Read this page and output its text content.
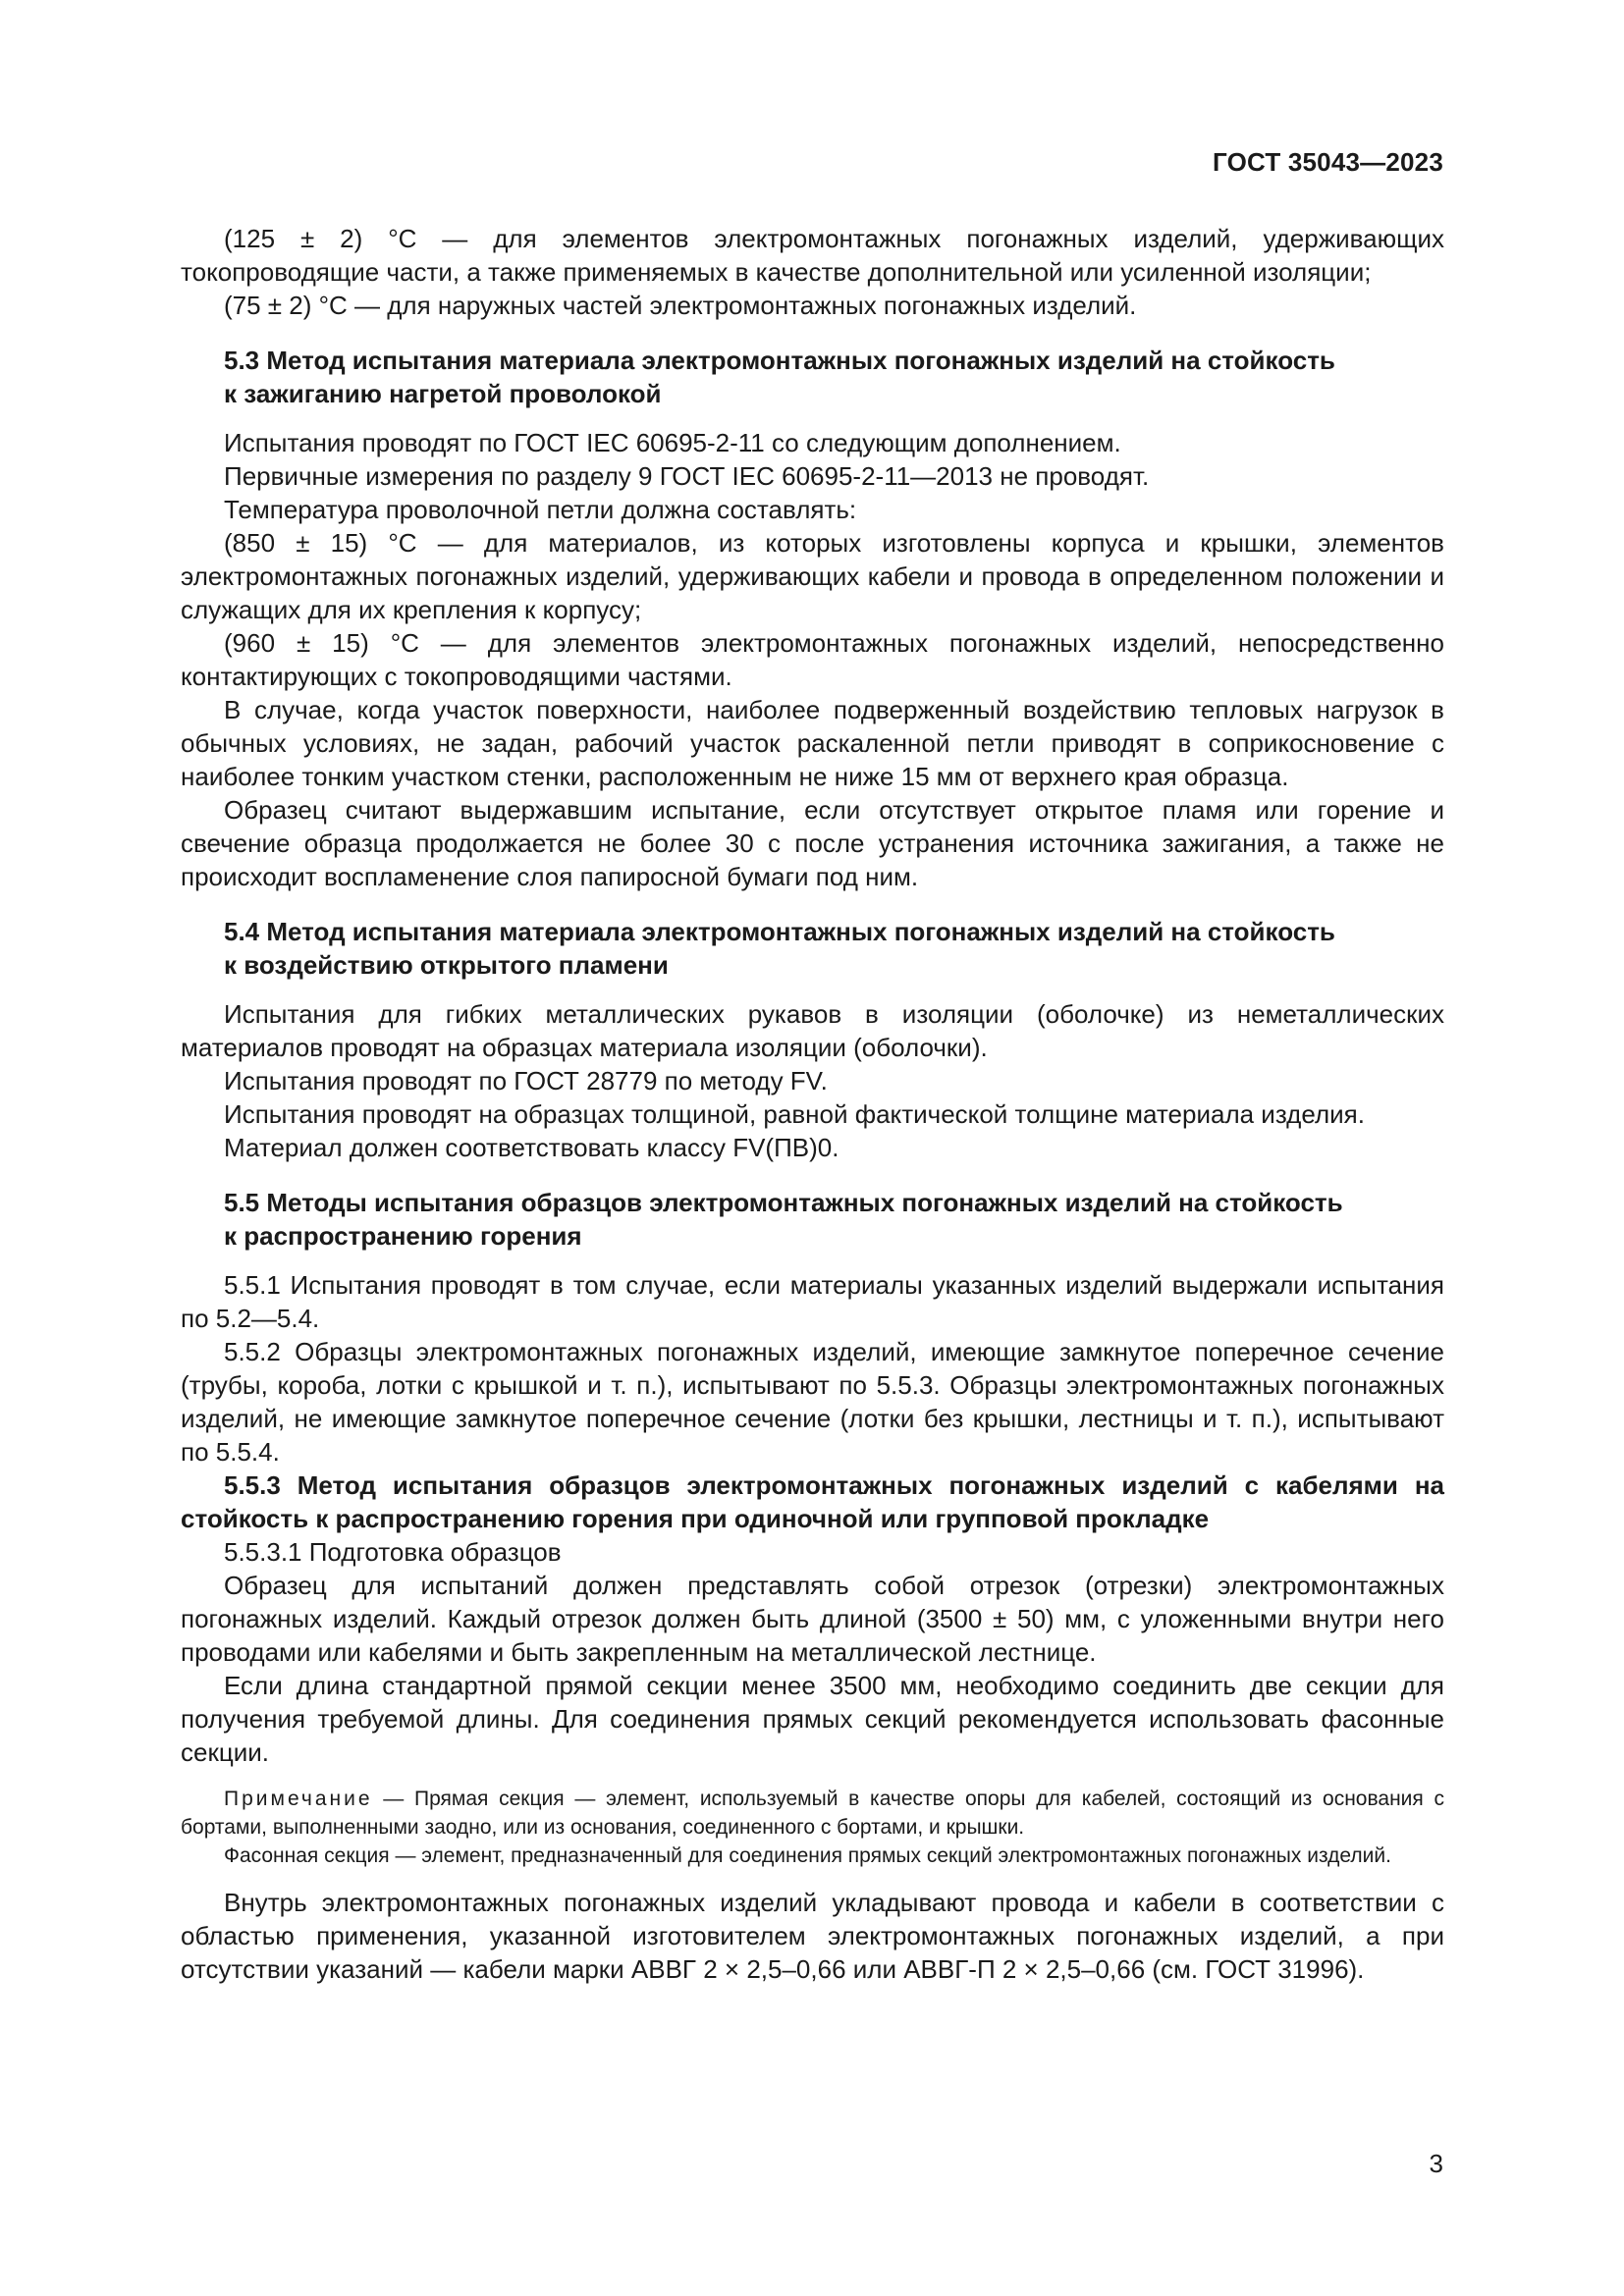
ГОСТ 35043—2023

(125 ± 2) °С — для элементов электромонтажных погонажных изделий, удерживающих токопроводящие части, а также применяемых в качестве дополнительной или усиленной изоляции;

(75 ± 2) °С — для наружных частей электромонтажных погонажных изделий.

5.3 Метод испытания материала электромонтажных погонажных изделий на стойкость
к зажиганию нагретой проволокой

Испытания проводят по ГОСТ IEC 60695-2-11 со следующим дополнением.

Первичные измерения по разделу 9 ГОСТ IEC 60695-2-11—2013 не проводят.

Температура проволочной петли должна составлять:

(850 ± 15) °С — для материалов, из которых изготовлены корпуса и крышки, элементов электромонтажных погонажных изделий, удерживающих кабели и провода в определенном положении и служащих для их крепления к корпусу;

(960 ± 15) °С — для элементов электромонтажных погонажных изделий, непосредственно контактирующих с токопроводящими частями.

В случае, когда участок поверхности, наиболее подверженный воздействию тепловых нагрузок в обычных условиях, не задан, рабочий участок раскаленной петли приводят в соприкосновение с наиболее тонким участком стенки, расположенным не ниже 15 мм от верхнего края образца.

Образец считают выдержавшим испытание, если отсутствует открытое пламя или горение и свечение образца продолжается не более 30 с после устранения источника зажигания, а также не происходит воспламенение слоя папиросной бумаги под ним.

5.4 Метод испытания материала электромонтажных погонажных изделий на стойкость
к воздействию открытого пламени

Испытания для гибких металлических рукавов в изоляции (оболочке) из неметаллических материалов проводят на образцах материала изоляции (оболочки).

Испытания проводят по ГОСТ 28779 по методу FV.

Испытания проводят на образцах толщиной, равной фактической толщине материала изделия.

Материал должен соответствовать классу FV(ПВ)0.

5.5 Методы испытания образцов электромонтажных погонажных изделий на стойкость
к распространению горения

5.5.1 Испытания проводят в том случае, если материалы указанных изделий выдержали испытания по 5.2—5.4.

5.5.2 Образцы электромонтажных погонажных изделий, имеющие замкнутое поперечное сечение (трубы, короба, лотки с крышкой и т. п.), испытывают по 5.5.3. Образцы электромонтажных погонажных изделий, не имеющие замкнутое поперечное сечение (лотки без крышки, лестницы и т. п.), испытывают по 5.5.4.

5.5.3 Метод испытания образцов электромонтажных погонажных изделий с кабелями на стойкость к распространению горения при одиночной или групповой прокладке

5.5.3.1 Подготовка образцов

Образец для испытаний должен представлять собой отрезок (отрезки) электромонтажных погонажных изделий. Каждый отрезок должен быть длиной (3500 ± 50) мм, с уложенными внутри него проводами или кабелями и быть закрепленным на металлической лестнице.

Если длина стандартной прямой секции менее 3500 мм, необходимо соединить две секции для получения требуемой длины. Для соединения прямых секций рекомендуется использовать фасонные секции.

Примечание — Прямая секция — элемент, используемый в качестве опоры для кабелей, состоящий из основания с бортами, выполненными заодно, или из основания, соединенного с бортами, и крышки.

Фасонная секция — элемент, предназначенный для соединения прямых секций электромонтажных погонажных изделий.

Внутрь электромонтажных погонажных изделий укладывают провода и кабели в соответствии с областью применения, указанной изготовителем электромонтажных погонажных изделий, а при отсутствии указаний — кабели марки АВВГ 2 × 2,5–0,66 или АВВГ-П 2 × 2,5–0,66 (см. ГОСТ 31996).

3
